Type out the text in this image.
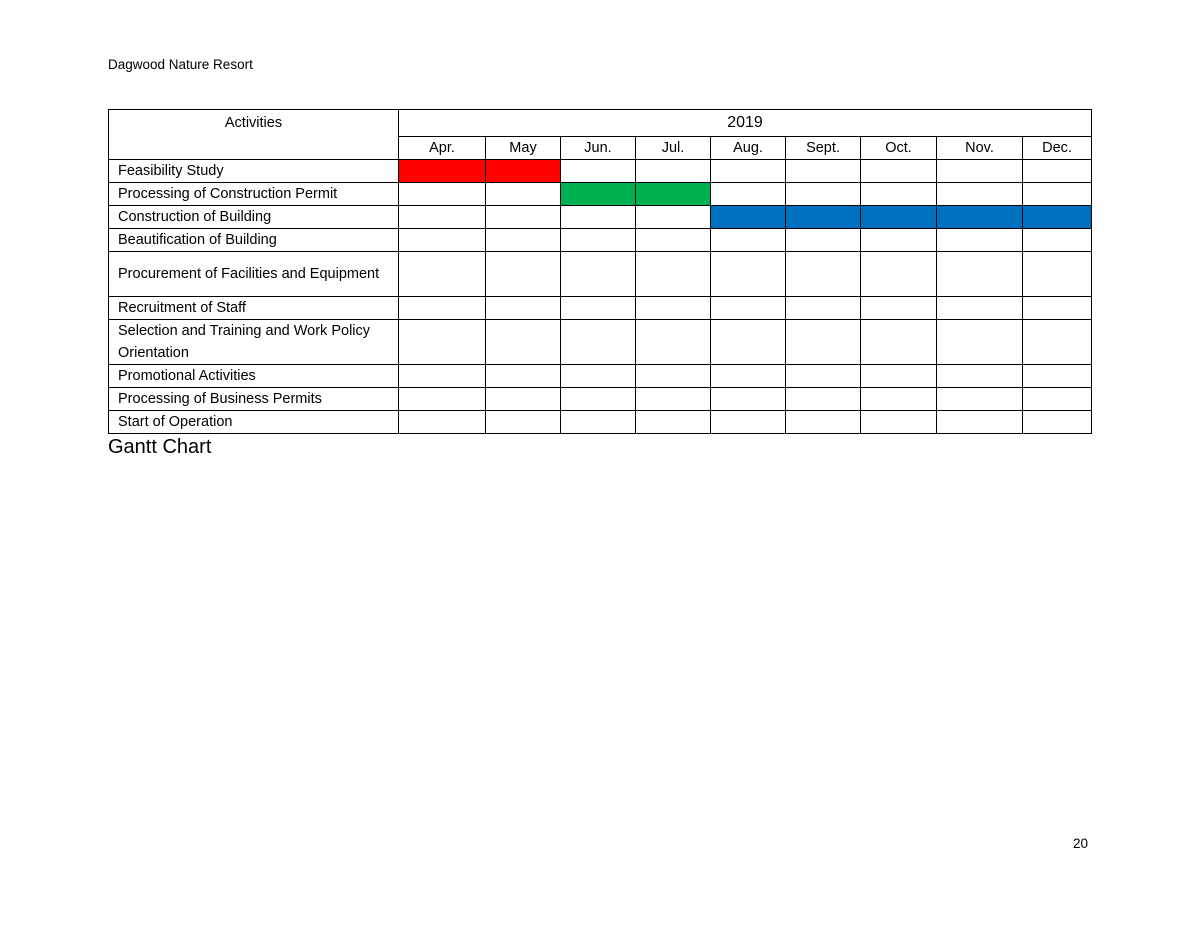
Dagwood Nature Resort
Activities	2019								
	Apr.	May	Jun.	Jul.	Aug.	Sept.	Oct.	Nov.	Dec.
Feasibility Study									
Processing of Construction Permit									
Construction of Building									
Beautification of Building									
Procurement of Facilities and Equipment									
Recruitment of Staff									
Selection and Training and Work Policy Orientation									
Promotional Activities									
Processing of Business Permits									
Start of Operation									
Gantt Chart
20
